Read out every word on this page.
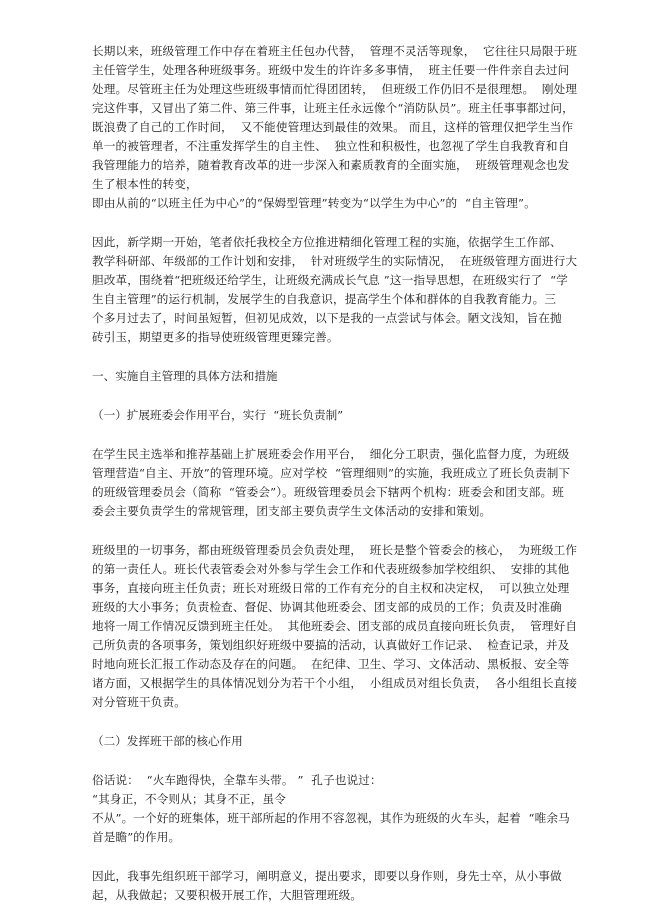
长期以来，班级管理工作中存在着班主任包办代替，  管理不灵活等现象，  它往往只局限于班
主任管学生，处理各种班级事务。班级中发生的许许多多事情，  班主任要一件件亲自去过问
处理。尽管班主任为处理这些班级事情而忙得团团转，  但班级工作仍旧不是很理想。  刚处理
完这件事，又冒出了第二件、第三件事，让班主任永远像个“消防队员”。班主任事事都过问，
既浪费了自己的工作时间，  又不能使管理达到最佳的效果。 而且，这样的管理仅把学生当作
单一的被管理者，不注重发挥学生的自主性、  独立性和积极性，也忽视了学生自我教育和自
我管理能力的培养，随着教育改革的进一步深入和素质教育的全面实施，  班级管理观念也发
生了根本性的转变，
即由从前的“以班主任为中心”的“保姆型管理”转变为“以学生为中心”的  “自主管理”。
因此，新学期一开始，笔者依托我校全方位推进精细化管理工程的实施，依据学生工作部、
教学科研部、年级部的工作计划和安排，  针对班级学生的实际情况，  在班级管理方面进行大
胆改革，围绕着“把班级还给学生，让班级充满成长气息 ”这一指导思想，在班级实行了  “学
生自主管理”的运行机制，发展学生的自我意识，提高学生个体和群体的自我教育能力。三
个多月过去了，时间虽短暂，但初见成效，以下是我的一点尝试与体会。陋文浅知，旨在抛
砖引玉，期望更多的指导使班级管理更臻完善。
一、实施自主管理的具体方法和措施
（一）扩展班委会作用平台，实行  “班长负责制”
在学生民主选举和推荐基础上扩展班委会作用平台，  细化分工职责，强化监督力度，为班级
管理营造“自主、开放”的管理环境。应对学校  “管理细则”的实施，我班成立了班长负责制下
的班级管理委员会（简称  “管委会”）。班级管理委员会下辖两个机构：班委会和团支部。班
委会主要负责学生的常规管理，团支部主要负责学生文体活动的安排和策划。
班级里的一切事务，都由班级管理委员会负责处理，  班长是整个管委会的核心，  为班级工作
的第一责任人。班长代表管委会对外参与学生会工作和代表班级参加学校组织、  安排的其他
事务，直接向班主任负责；班长对班级日常的工作有充分的自主权和决定权，  可以独立处理
班级的大小事务；负责检查、督促、协调其他班委会、团支部的成员的工作；负责及时准确
地将一周工作情况反馈到班主任处。  其他班委会、团支部的成员直接向班长负责，  管理好自
己所负责的各项事务，策划组织好班级中要搞的活动，认真做好工作记录、  检查记录，并及
时地向班长汇报工作动态及存在的问题。  在纪律、卫生、学习、文体活动、黑板报、安全等
诸方面，又根据学生的具体情况划分为若干个小组，  小组成员对组长负责，  各小组组长直接
对分管班干负责。
（二）发挥班干部的核心作用
俗话说：  “火车跑得快，全靠车头带。 ”  孔子也说过：
“其身正，不令则从；其身不正，虽令
不从”。一个好的班集体，班干部所起的作用不容忽视，其作为班级的火车头，起着  “唯余马
首是瞻”的作用。
因此，我事先组织班干部学习，阐明意义，提出要求，即要以身作则，身先士卒，从小事做
起，从我做起；又要积极开展工作，大胆管理班级。
